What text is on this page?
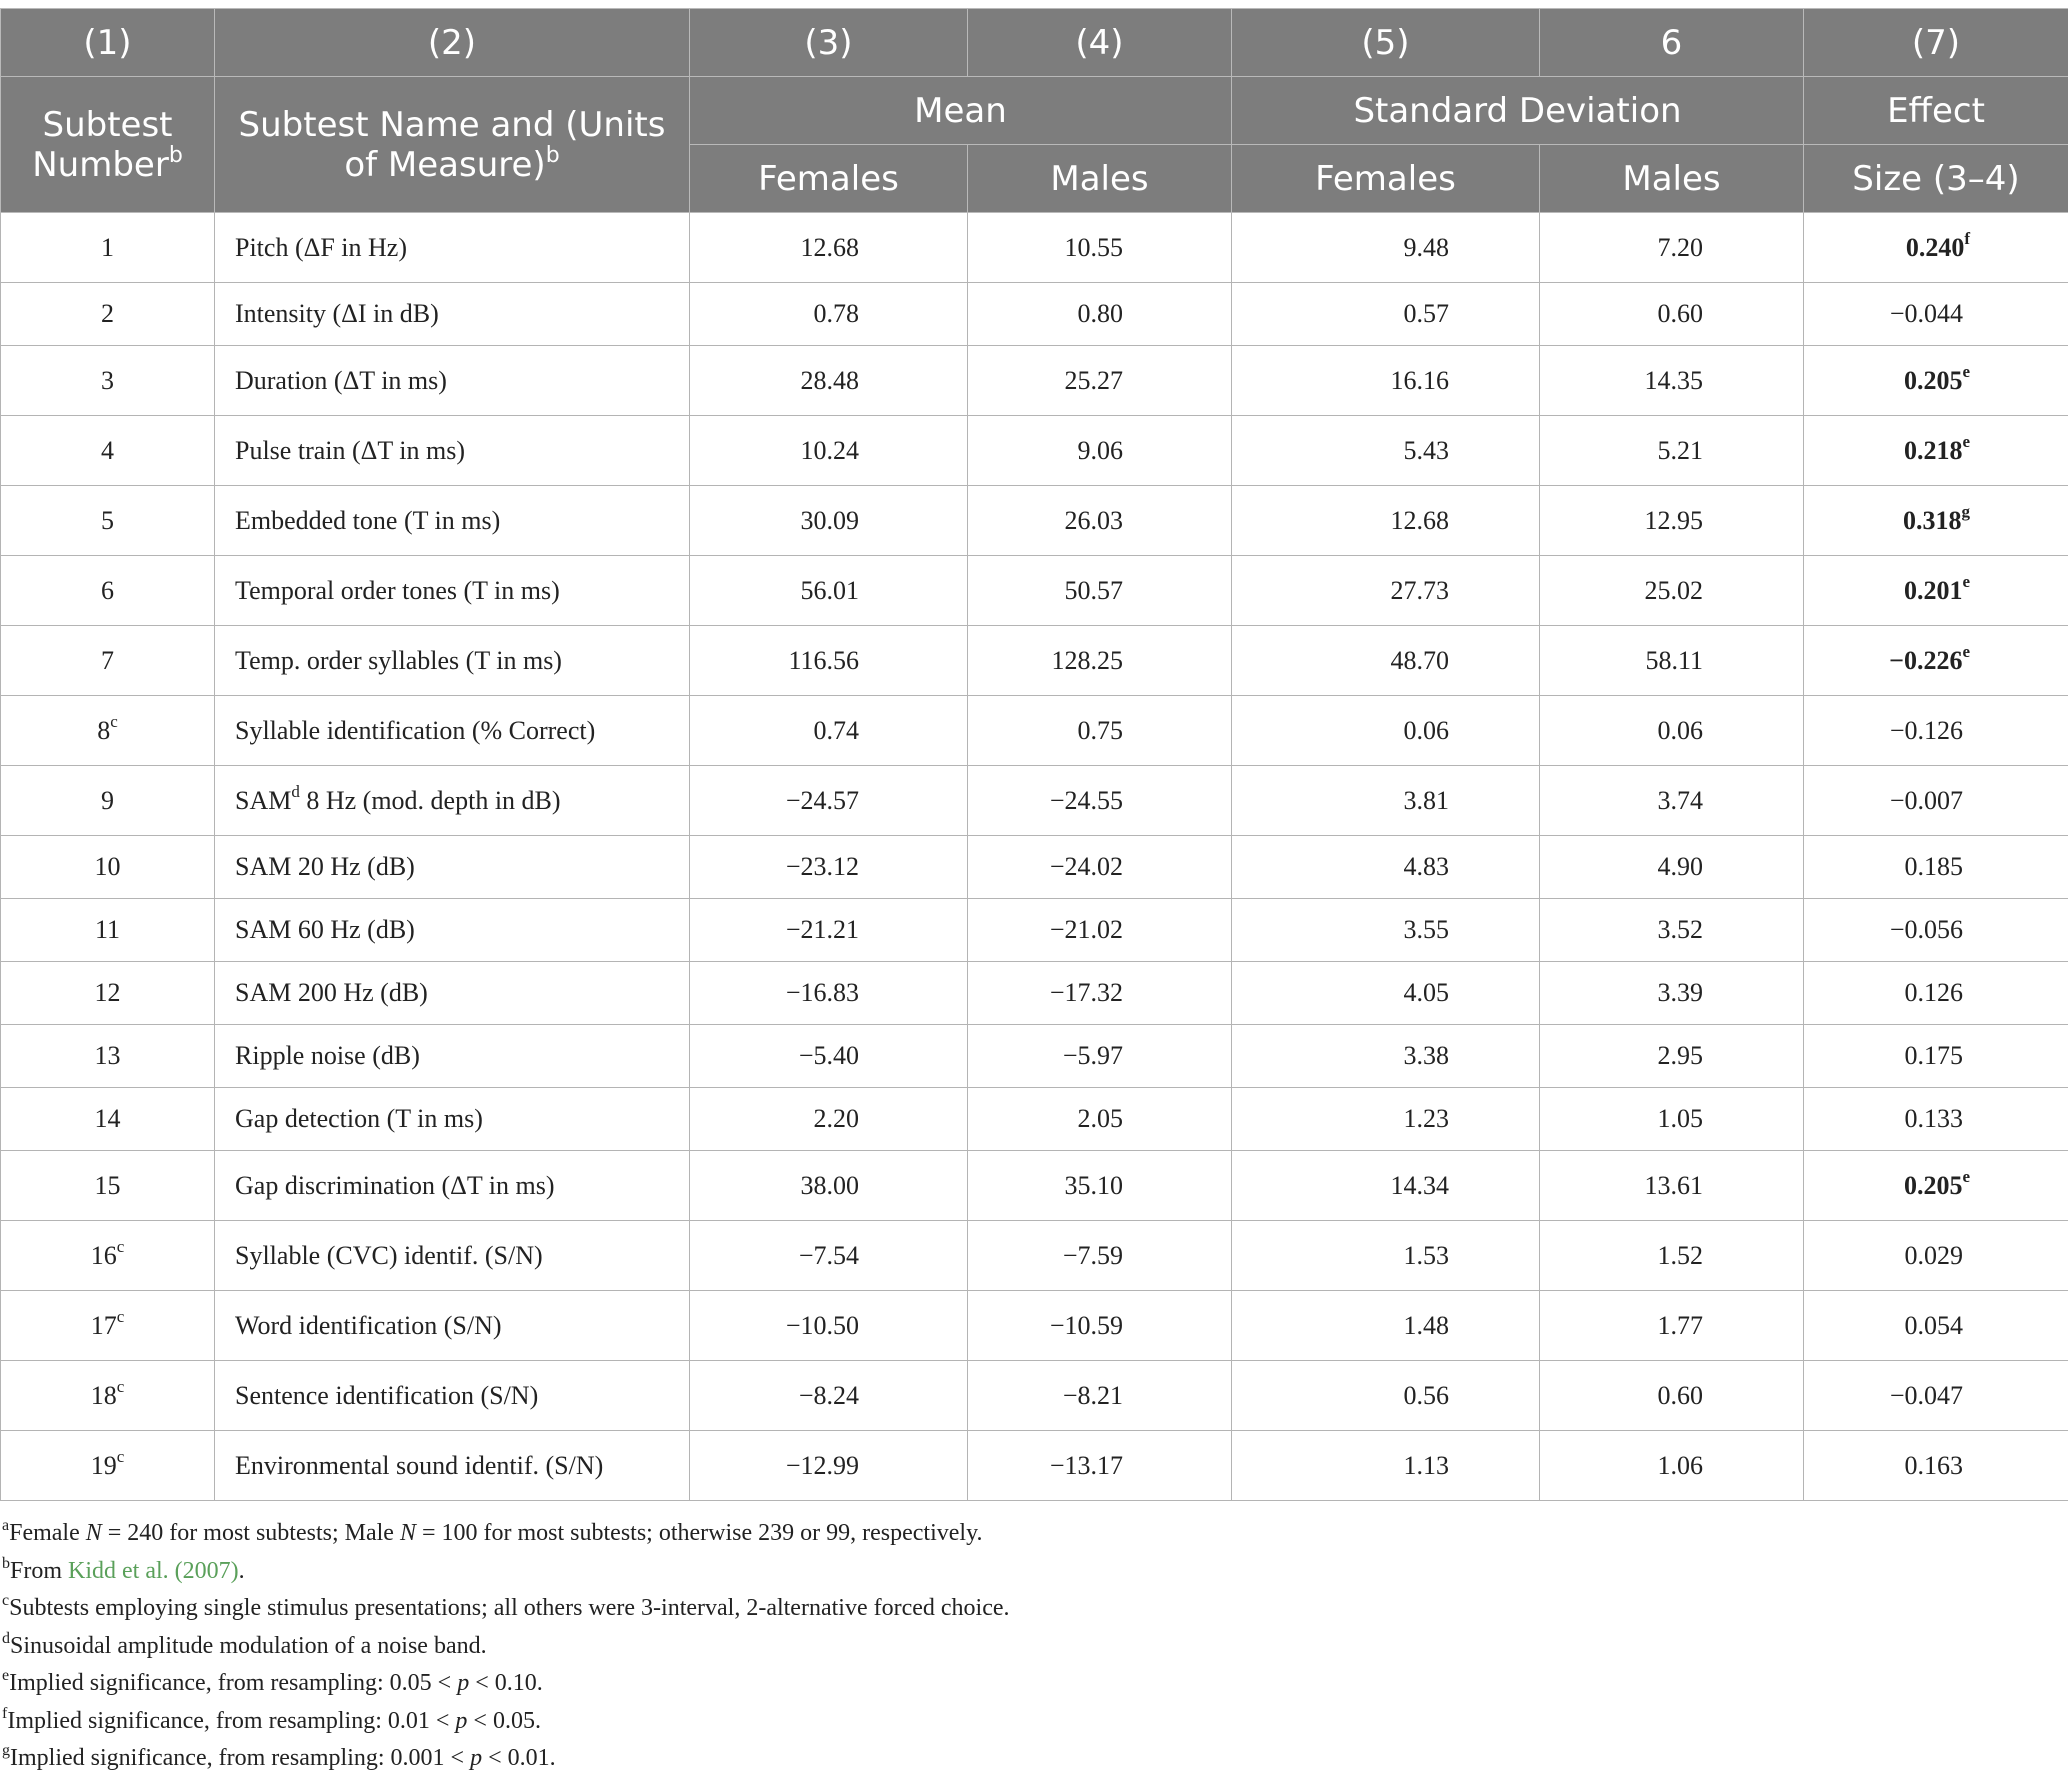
(1)	(2)	(3)	(4)	(5)	6	(7)
Subtest Number$^b$	Subtest Name and (Units of Measure)$^b$	Mean		Standard Deviation		Effect
		Females	Males	Females	Males	Size (3–4)
1	Pitch (ΔF in Hz)	12.68	10.55	9.48	7.20	0.240$^f$
2	Intensity (ΔI in dB)	0.78	0.80	0.57	0.60	−0.044
3	Duration (ΔT in ms)	28.48	25.27	16.16	14.35	0.205e
4	Pulse train (ΔT in ms)	10.24	9.06	5.43	5.21	0.218e
5	Embedded tone (T in ms)	30.09	26.03	12.68	12.95	0.318$^g$
6	Temporal order tones (T in ms)	56.01	50.57	27.73	25.02	0.201e
7	Temp. order syllables (T in ms)	116.56	128.25	48.70	58.11	−0.226$^e$
8$^c$	Syllable identification (% Correct)	0.74	0.75	0.06	0.06	−0.126
9	SAM$^d$ 8 Hz (mod. depth in dB)	−24.57	−24.55	3.81	3.74	−0.007
10	SAM 20 Hz (dB)	−23.12	−24.02	4.83	4.90	0.185
11	SAM 60 Hz (dB)	−21.21	−21.02	3.55	3.52	−0.056
12	SAM 200 Hz (dB)	−16.83	−17.32	4.05	3.39	0.126
13	Ripple noise (dB)	−5.40	−5.97	3.38	2.95	0.175
14	Gap detection (T in ms)	2.20	2.05	1.23	1.05	0.133
15	Gap discrimination (ΔT in ms)	38.00	35.10	14.34	13.61	0.205e
16$^c$	Syllable (CVC) identif. (S/N)	−7.54	−7.59	1.53	1.52	0.029
17$^c$	Word identification (S/N)	−10.50	−10.59	1.48	1.77	0.054
18$^c$	Sentence identification (S/N)	−8.24	−8.21	0.56	0.60	−0.047
19$^c$	Environmental sound identif. (S/N)	−12.99	−13.17	1.13	1.06	0.163
$^a$Female N = 240 for most subtests; Male N = 100 for most subtests; otherwise 239 or 99, respectively.
$^b$From Kidd et al. (2007).
$^c$Subtests employing single stimulus presentations; all others were 3-interval, 2-alternative forced choice.
$^d$Sinusoidal amplitude modulation of a noise band.
$^e$Implied significance, from resampling: 0.05 < p < 0.10.
$^f$Implied significance, from resampling: 0.01 < p < 0.05.
$^g$Implied significance, from resampling: 0.001 < p < 0.01.
